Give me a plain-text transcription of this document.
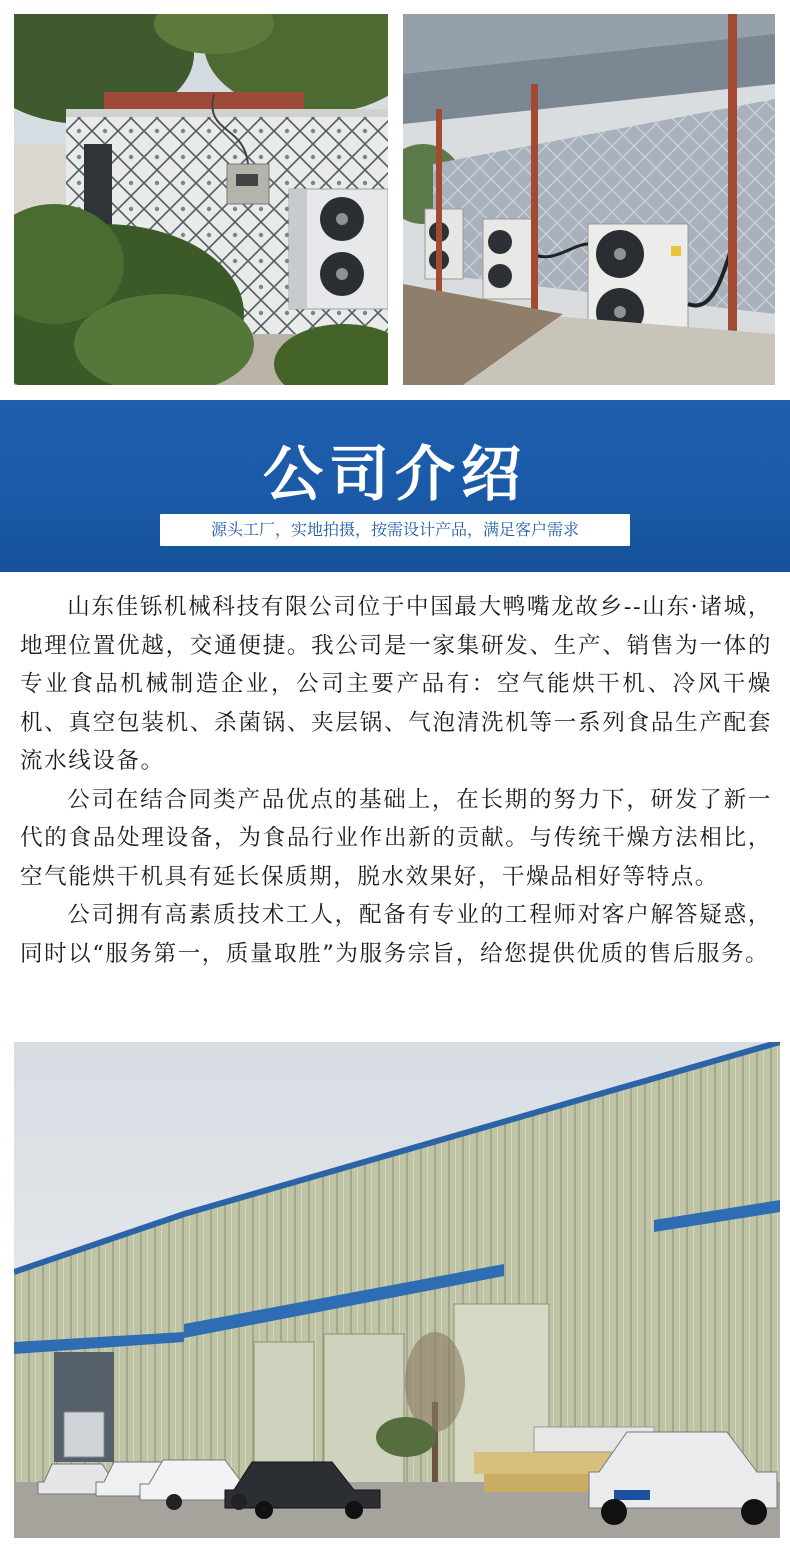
公司介绍
源头工厂，实地拍摄，按需设计产品，满足客户需求

山东佳铄机械科技有限公司位于中国最大鸭嘴龙故乡--山东·诸城，地理位置优越，交通便捷。我公司是一家集研发、生产、销售为一体的专业食品机械制造企业，公司主要产品有：空气能烘干机、冷风干燥机、真空包装机、杀菌锅、夹层锅、气泡清洗机等一系列食品生产配套流水线设备。

公司在结合同类产品优点的基础上，在长期的努力下，研发了新一代的食品处理设备，为食品行业作出新的贡献。与传统干燥方法相比，空气能烘干机具有延长保质期，脱水效果好，干燥品相好等特点。

公司拥有高素质技术工人，配备有专业的工程师对客户解答疑惑，同时以“服务第一，质量取胜”为服务宗旨，给您提供优质的售后服务。
